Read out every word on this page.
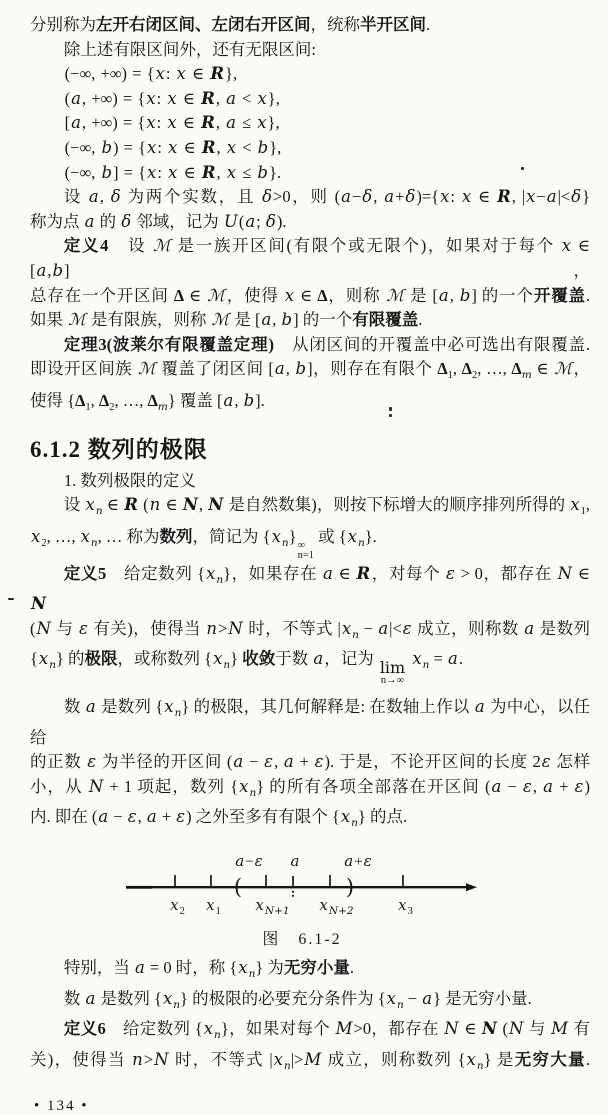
分别称为左开右闭区间、左闭右开区间，统称半开区间.
除上述有限区间外，还有无限区间:
(−∞, +∞) = {x: x ∈ R},
(a, +∞) = {x: x ∈ R, a < x},
[a, +∞) = {x: x ∈ R, a ≤ x},
(−∞, b) = {x: x ∈ R, x < b},
(−∞, b] = {x: x ∈ R, x ≤ b}.
设 a, δ 为两个实数，且 δ>0，则 (a−δ, a+δ)={x: x ∈ R, |x−a|<δ}
称为点 a 的 δ 邻域，记为 U(a; δ).
定义4　设 ℳ 是一族开区间(有限个或无限个)，如果对于每个 x ∈ [a,b]，
总存在一个开区间 Δ ∈ ℳ，使得 x ∈ Δ，则称 ℳ 是 [a, b] 的一个开覆盖.
如果 ℳ 是有限族，则称 ℳ 是 [a, b] 的一个有限覆盖.
定理3(波莱尔有限覆盖定理)　从闭区间的开覆盖中必可选出有限覆盖.
即设开区间族 ℳ 覆盖了闭区间 [a, b]，则存在有限个 $\Delta_1$, $\Delta_2$, …, $\Delta_m$ ∈ ℳ，
使得 {$\Delta_1$, $\Delta_2$, …, $\Delta_m$} 覆盖 [a, b].
6.1.2 数列的极限
1. 数列极限的定义
设 $x_n$ ∈ R (n ∈ N, N 是自然数集)，则按下标增大的顺序排列所得的 $x_1$,
$x_2$, …, $x_n$, … 称为数列，简记为 $\{x_n\}$ ∞
n=1
或 $\{x_n\}$.
定义5　给定数列 $\{x_n\}$，如果存在 a ∈ R，对每个 ε > 0，都存在 N ∈ N
(N 与 ε 有关)，使得当 n>N 时，不等式 $|x_n - a|<\varepsilon$ 成立，则称数 a 是数列
$\{x_n\}$ 的极限，或称数列 $\{x_n\}$ 收敛于数 a，记为 lim
n→∞
$x_n = a$.
数 a 是数列 $\{x_n\}$ 的极限，其几何解释是: 在数轴上作以 a 为中心，以任给
的正数 ε 为半径的开区间 (a − ε, a + ε). 于是，不论开区间的长度 2ε 怎样
小，从 N + 1 项起，数列 $\{x_n\}$ 的所有各项全部落在开区间 (a − ε, a + ε)
内. 即在 (a − ε, a + ε) 之外至多有有限个 $\{x_n\}$ 的点.
(	)
a−ε a	a+ε
$x_2$ $x_1$ $x_{N+1}$ $x_{N+2}$	$x_3$
图　6.1-2
特别，当 a = 0 时，称 $\{x_n\}$ 为无穷小量.
数 a 是数列 $\{x_n\}$ 的极限的必要充分条件为 $\{x_n - a\}$ 是无穷小量.
定义6　给定数列 $\{x_n\}$，如果对每个 M>0，都存在 N ∈ N (N 与 M 有
关)，使得当 n>N 时，不等式 $|x_n|>M$ 成立，则称数列 $\{x_n\}$ 是无穷大量.
• 134 •
